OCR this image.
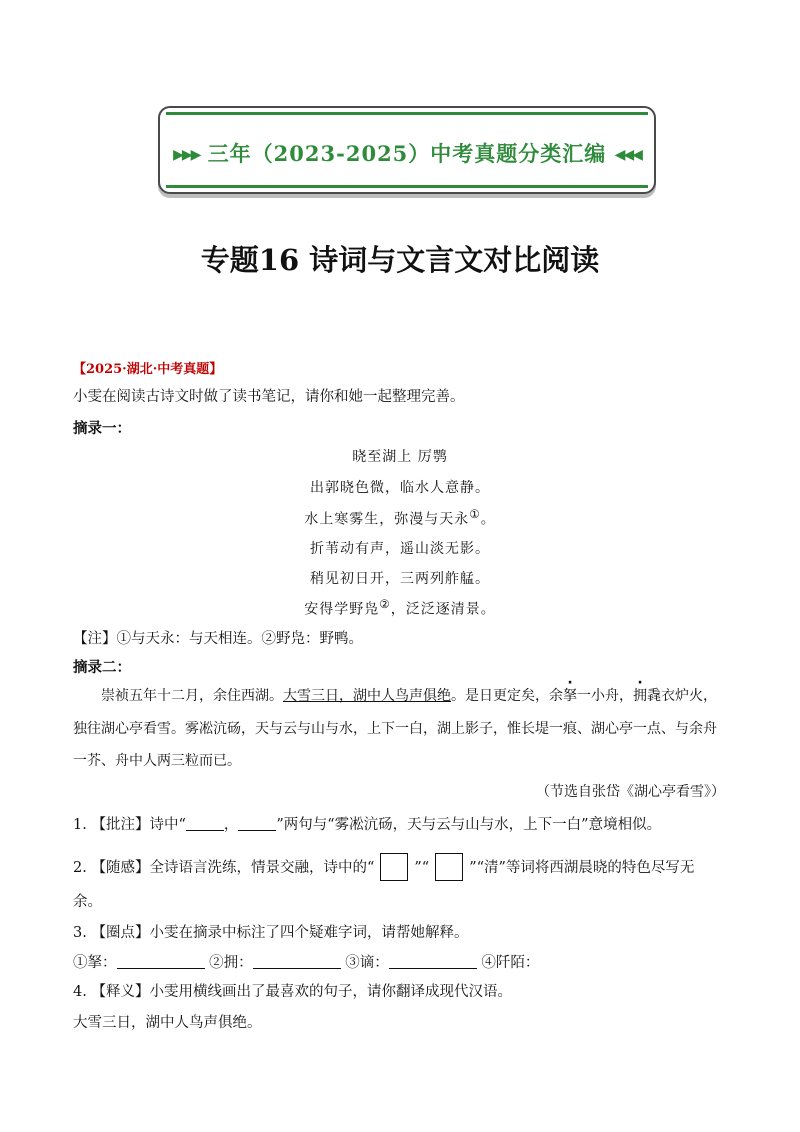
▶▶▶ 三年（2023-2025）中考真题分类汇编 ◀◀◀
专题16 诗词与文言文对比阅读
【2025·湖北·中考真题】
小雯在阅读古诗文时做了读书笔记，请你和她一起整理完善。
摘录一：
晓至湖上 厉鹗
出郭晓色微，临水人意静。
水上寒雾生，弥漫与天永①。
折苇动有声，遥山淡无影。
稍见初日开，三两列舴艋。
安得学野凫②，泛泛逐清景。
【注】①与天永：与天相连。②野凫：野鸭。
摘录二：
崇祯五年十二月，余住西湖。大雪三日，湖中人鸟声俱绝。是日更定矣，余拏一小舟，拥毳衣炉火，
独往湖心亭看雪。雾凇沆砀，天与云与山与水，上下一白，湖上影子，惟长堤一痕、湖心亭一点、与余舟
一芥、舟中人两三粒而已。
（节选自张岱《湖心亭看雪》）
1. 【批注】诗中“	，	”两句与“雾凇沆砀，天与云与山与水，上下一白”意境相似。
2. 【随感】全诗语言洗练，情景交融，诗中的“	”“	”“清”等词将西湖晨晓的特色尽写无
余。
3. 【圈点】小雯在摘录中标注了四个疑难字词，请帮她解释。
①拏：	②拥：	③谪：	④阡陌：
4. 【释义】小雯用横线画出了最喜欢的句子，请你翻译成现代汉语。
大雪三日，湖中人鸟声俱绝。
